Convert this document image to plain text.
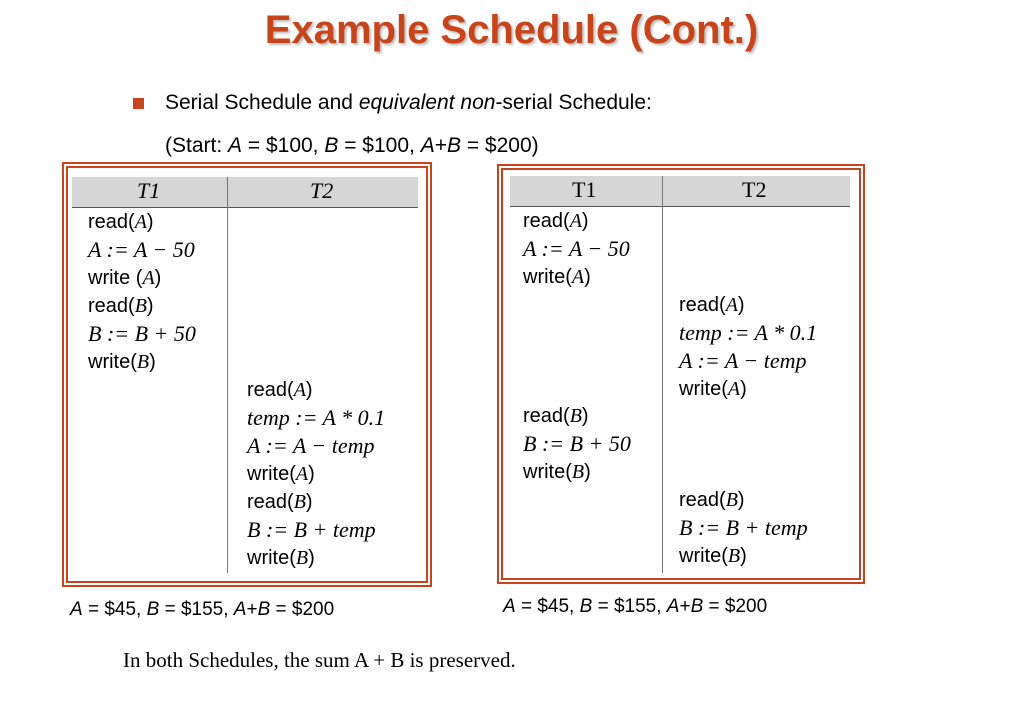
Example Schedule (Cont.)
Serial Schedule and equivalent non-serial Schedule:
(Start: A = $100, B = $100, A+B = $200)
T1	T2
read(A)
A := A − 50
write (A)
read(B)
B := B + 50
write(B)
read(A)
temp := A * 0.1
A := A − temp
write(A)
read(B)
B := B + temp
write(B)
A = $45, B = $155, A+B = $200
T1	T2
read(A)
A := A − 50
write(A)
read(A)
temp := A * 0.1
A := A − temp
write(A)
read(B)
B := B + 50
write(B)
read(B)
B := B + temp
write(B)
A = $45, B = $155, A+B = $200
In both Schedules, the sum A + B is preserved.
